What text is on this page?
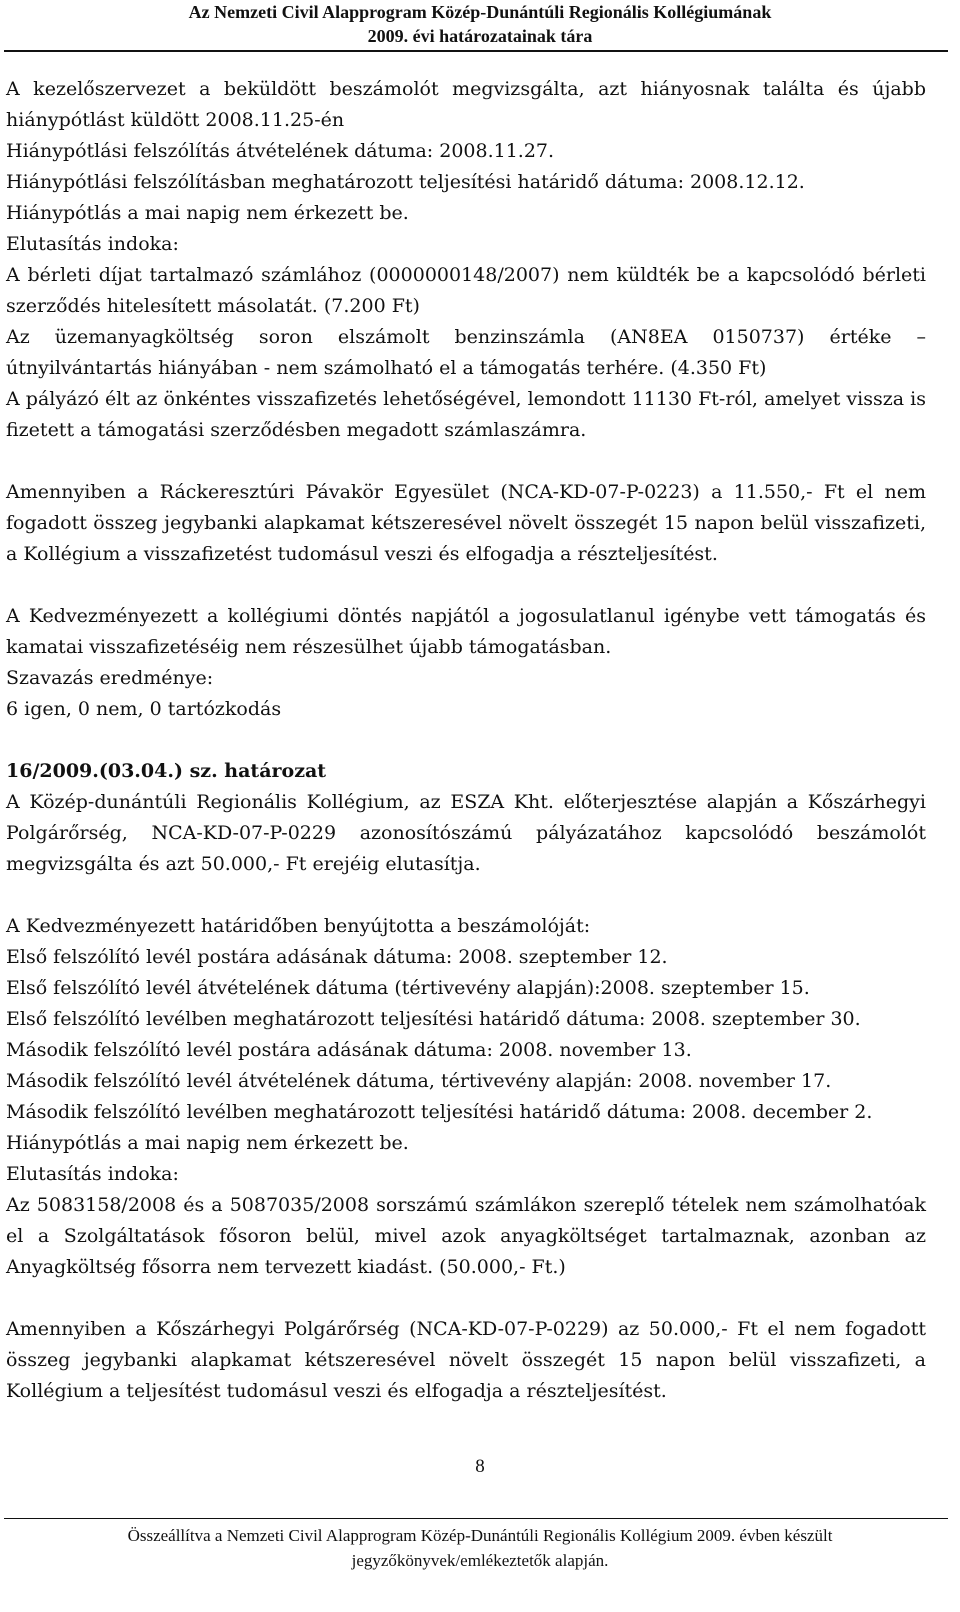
Az Nemzeti Civil Alapprogram Közép-Dunántúli Regionális Kollégiumának
2009. évi határozatainak tára

A kezelőszervezet a beküldött beszámolót megvizsgálta, azt hiányosnak találta és újabb hiánypótlást küldött 2008.11.25-én

Hiánypótlási felszólítás átvételének dátuma: 2008.11.27.

Hiánypótlási felszólításban meghatározott teljesítési határidő dátuma: 2008.12.12.

Hiánypótlás a mai napig nem érkezett be.

Elutasítás indoka:

A bérleti díjat tartalmazó számlához (0000000148/2007) nem küldték be a kapcsolódó bérleti szerződés hitelesített másolatát. (7.200 Ft)

Az üzemanyagköltség soron elszámolt benzinszámla (AN8EA 0150737) értéke – útnyilvántartás hiányában - nem számolható el a támogatás terhére. (4.350 Ft)

A pályázó élt az önkéntes visszafizetés lehetőségével, lemondott 11130 Ft-ról, amelyet vissza is fizetett a támogatási szerződésben megadott számlaszámra.

Amennyiben a Ráckeresztúri Pávakör Egyesület (NCA-KD-07-P-0223) a 11.550,- Ft el nem fogadott összeg jegybanki alapkamat kétszeresével növelt összegét 15 napon belül visszafizeti, a Kollégium a visszafizetést tudomásul veszi és elfogadja a részteljesítést.

A Kedvezményezett a kollégiumi döntés napjától a jogosulatlanul igénybe vett támogatás és kamatai visszafizetéséig nem részesülhet újabb támogatásban.

Szavazás eredménye:

6 igen, 0 nem, 0 tartózkodás

16/2009.(03.04.) sz. határozat

A Közép-dunántúli Regionális Kollégium, az ESZA Kht. előterjesztése alapján a Kőszárhegyi Polgárőrség, NCA-KD-07-P-0229 azonosítószámú pályázatához kapcsolódó beszámolót megvizsgálta és azt 50.000,- Ft erejéig elutasítja.

A Kedvezményezett határidőben benyújtotta a beszámolóját:

Első felszólító levél postára adásának dátuma: 2008. szeptember 12.

Első felszólító levél átvételének dátuma (tértivevény alapján):2008. szeptember 15.

Első felszólító levélben meghatározott teljesítési határidő dátuma: 2008. szeptember 30.

Második felszólító levél postára adásának dátuma: 2008. november 13.

Második felszólító levél átvételének dátuma, tértivevény alapján: 2008. november 17.

Második felszólító levélben meghatározott teljesítési határidő dátuma: 2008. december 2.

Hiánypótlás a mai napig nem érkezett be.

Elutasítás indoka:

Az 5083158/2008 és a 5087035/2008 sorszámú számlákon szereplő tételek nem számolhatóak el a Szolgáltatások fősoron belül, mivel azok anyagköltséget tartalmaznak, azonban az Anyagköltség fősorra nem tervezett kiadást. (50.000,- Ft.)

Amennyiben a Kőszárhegyi Polgárőrség (NCA-KD-07-P-0229) az 50.000,- Ft el nem fogadott összeg jegybanki alapkamat kétszeresével növelt összegét 15 napon belül visszafizeti, a Kollégium a teljesítést tudomásul veszi és elfogadja a részteljesítést.

8
Összeállítva a Nemzeti Civil Alapprogram Közép-Dunántúli Regionális Kollégium 2009. évben készült
jegyzőkönyvek/emlékeztetők alapján.
